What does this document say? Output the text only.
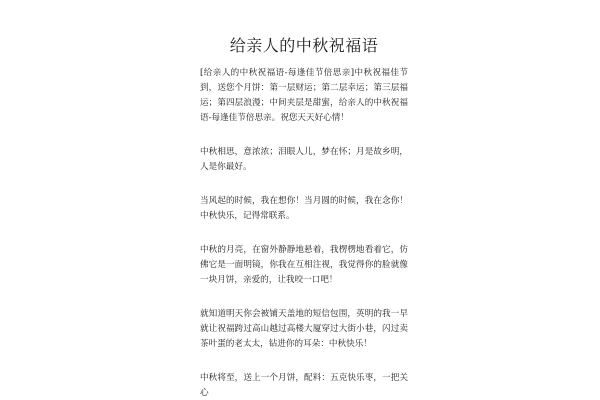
给亲人的中秋祝福语

[给亲人的中秋祝福语-每逢佳节倍思亲]中秋祝福佳节到，送您个月饼：第一层财运；第二层幸运；第三层福运；第四层浪漫；中间夹层是甜蜜，给亲人的中秋祝福语-每逢佳节倍思亲。祝您天天好心情！

中秋相思，意浓浓；泪眼人儿，梦在怀；月是故乡明，人是你最好。

当风起的时候，我在想你！当月圆的时候，我在念你！中秋快乐，记得常联系。

中秋的月亮，在窗外静静地悬着，我楞楞地看着它，仿佛它是一面明镜，你我在互相注视，我觉得你的脸就像一块月饼，亲爱的，让我咬一口吧！

就知道明天你会被铺天盖地的短信包围，英明的我一早就让祝福跨过高山越过高楼大厦穿过大街小巷，闪过卖茶叶蛋的老太太，钻进你的耳朵：中秋快乐！

中秋将至，送上一个月饼，配料：五克快乐枣，一把关心
